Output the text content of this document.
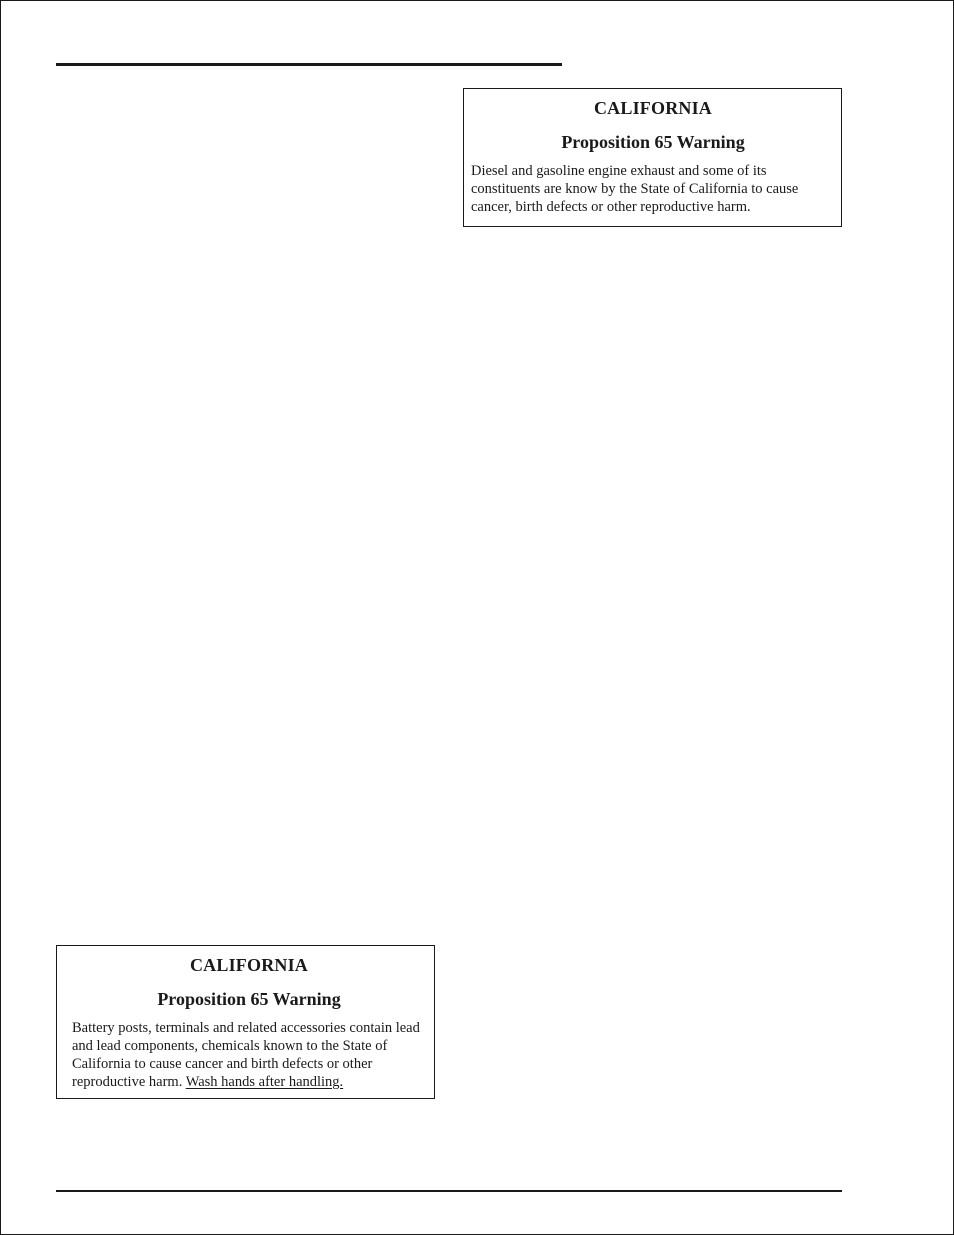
CALIFORNIA

Proposition 65 Warning

Diesel and gasoline engine exhaust and some of its constituents are know by the State of California to cause cancer, birth defects or other reproductive harm.

CALIFORNIA

Proposition 65 Warning

Battery posts, terminals and related accessories contain lead and lead components, chemicals known to the State of California to cause cancer and birth defects or other reproductive harm. Wash hands after handling.
